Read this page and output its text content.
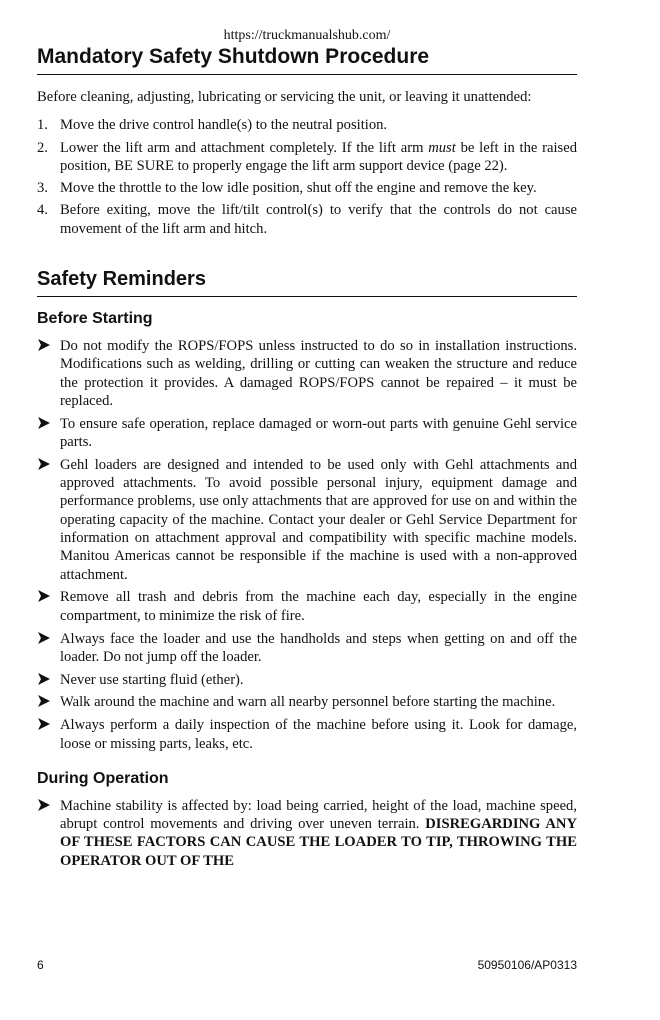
https://truckmanualshub.com/
Mandatory Safety Shutdown Procedure

Before cleaning, adjusting, lubricating or servicing the unit, or leaving it unattended:

1. Move the drive control handle(s) to the neutral position.
2. Lower the lift arm and attachment completely. If the lift arm must be left in the raised position, BE SURE to properly engage the lift arm support device (page 22).
3. Move the throttle to the low idle position, shut off the engine and remove the key.
4. Before exiting, move the lift/tilt control(s) to verify that the controls do not cause movement of the lift arm and hitch.
Safety Reminders
Before Starting
Do not modify the ROPS/FOPS unless instructed to do so in installation instructions. Modifications such as welding, drilling or cutting can weaken the structure and reduce the protection it provides. A damaged ROPS/FOPS cannot be repaired – it must be replaced.
To ensure safe operation, replace damaged or worn-out parts with genuine Gehl service parts.
Gehl loaders are designed and intended to be used only with Gehl attachments and approved attachments. To avoid possible personal injury, equipment damage and performance problems, use only attachments that are approved for use on and within the operating capacity of the machine. Contact your dealer or Gehl Service Department for information on attachment approval and compatibility with specific machine models. Manitou Americas cannot be responsible if the machine is used with a non-approved attachment.
Remove all trash and debris from the machine each day, especially in the engine compartment, to minimize the risk of fire.
Always face the loader and use the handholds and steps when getting on and off the loader. Do not jump off the loader.
Never use starting fluid (ether).
Walk around the machine and warn all nearby personnel before starting the machine.
Always perform a daily inspection of the machine before using it. Look for damage, loose or missing parts, leaks, etc.
During Operation
Machine stability is affected by: load being carried, height of the load, machine speed, abrupt control movements and driving over uneven terrain. DISREGARDING ANY OF THESE FACTORS CAN CAUSE THE LOADER TO TIP, THROWING THE OPERATOR OUT OF THE
6	50950106/AP0313
